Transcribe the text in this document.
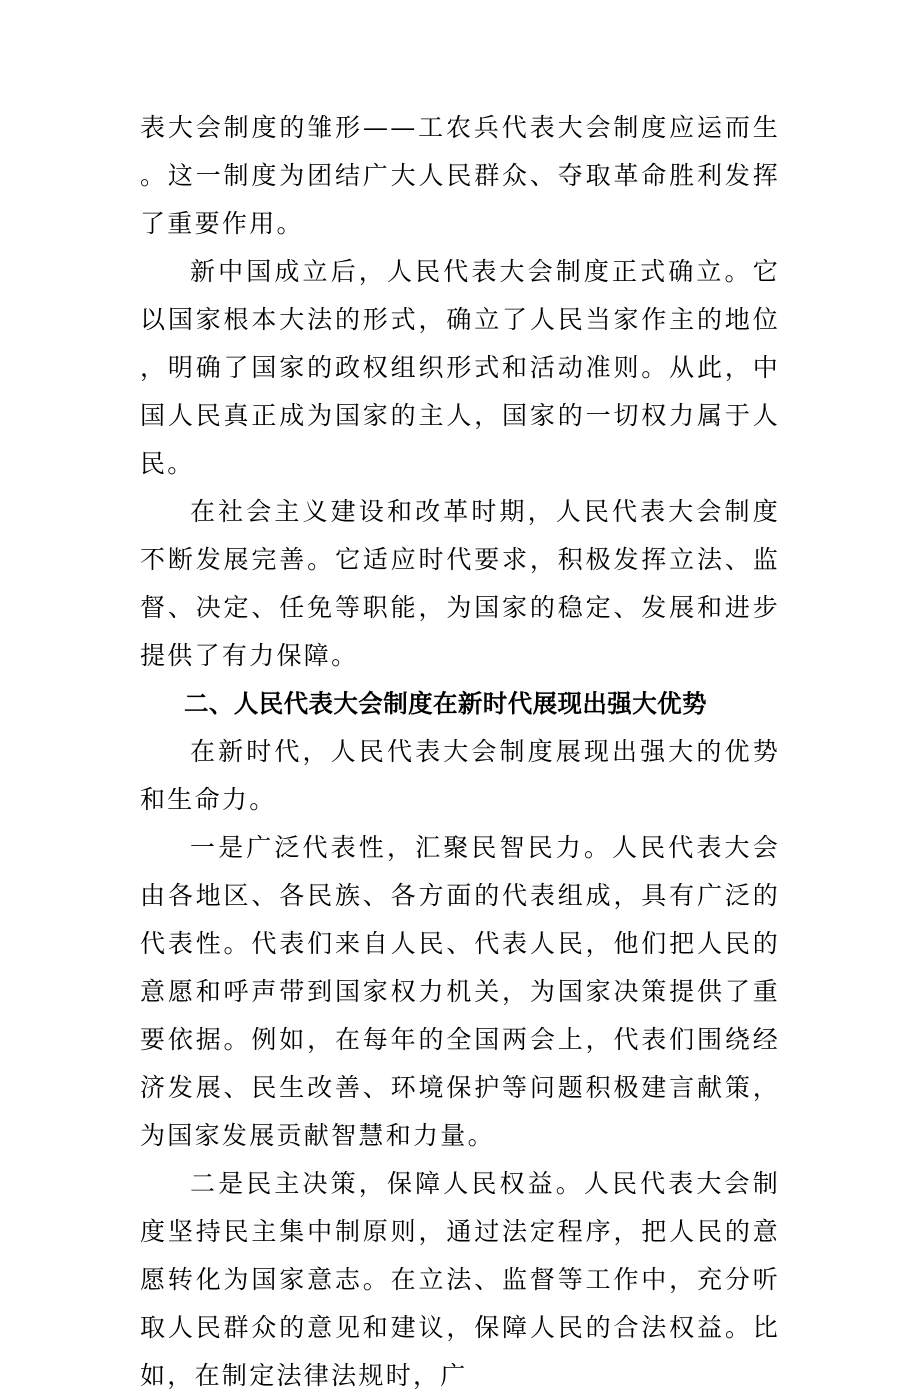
表大会制度的雏形——工农兵代表大会制度应运而生。这一制度为团结广大人民群众、夺取革命胜利发挥了重要作用。

新中国成立后，人民代表大会制度正式确立。它以国家根本大法的形式，确立了人民当家作主的地位，明确了国家的政权组织形式和活动准则。从此，中国人民真正成为国家的主人，国家的一切权力属于人民。

在社会主义建设和改革时期，人民代表大会制度不断发展完善。它适应时代要求，积极发挥立法、监督、决定、任免等职能，为国家的稳定、发展和进步提供了有力保障。

二、人民代表大会制度在新时代展现出强大优势

在新时代，人民代表大会制度展现出强大的优势和生命力。

一是广泛代表性，汇聚民智民力。人民代表大会由各地区、各民族、各方面的代表组成，具有广泛的代表性。代表们来自人民、代表人民，他们把人民的意愿和呼声带到国家权力机关，为国家决策提供了重要依据。例如，在每年的全国两会上，代表们围绕经济发展、民生改善、环境保护等问题积极建言献策，为国家发展贡献智慧和力量。

二是民主决策，保障人民权益。人民代表大会制度坚持民主集中制原则，通过法定程序，把人民的意愿转化为国家意志。在立法、监督等工作中，充分听取人民群众的意见和建议，保障人民的合法权益。比如，在制定法律法规时，广
